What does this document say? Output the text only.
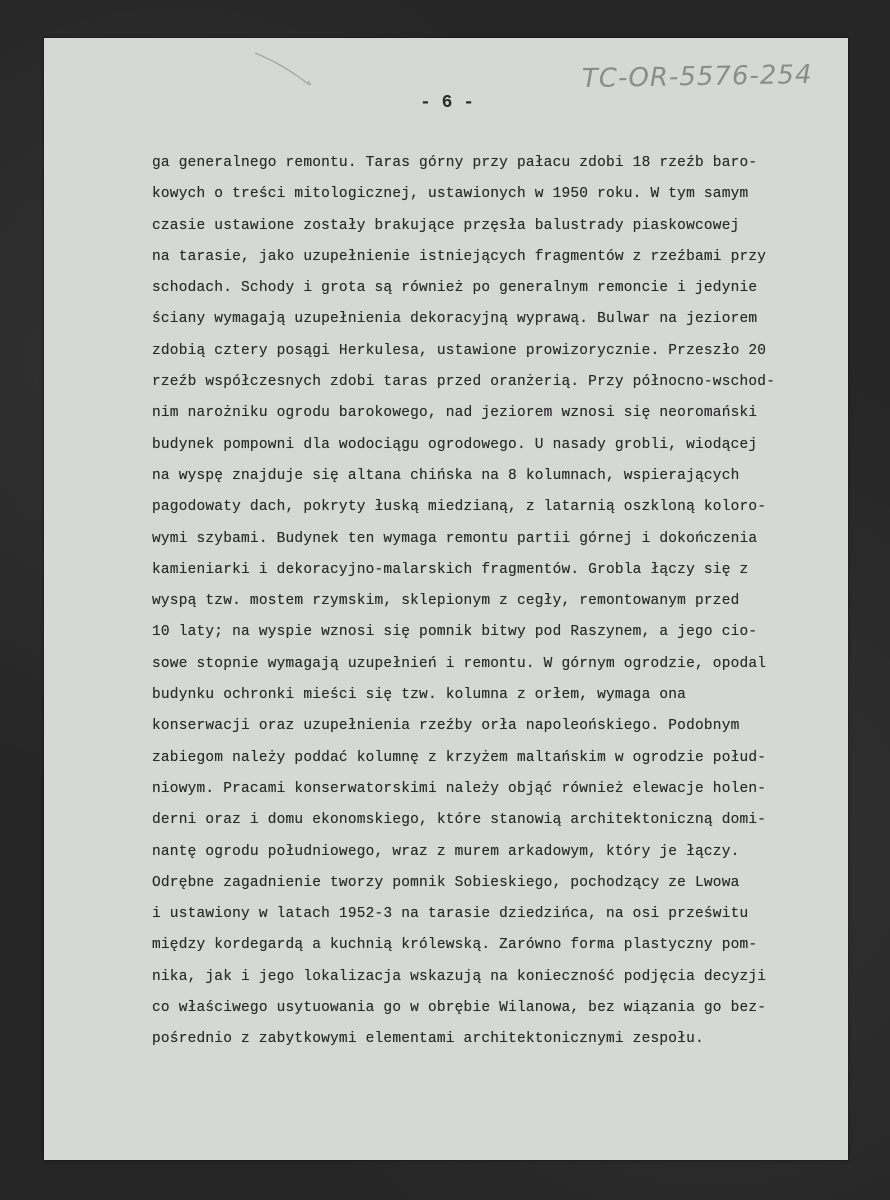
TC-OR-5576-254
- 6 -
ga generalnego remontu. Taras górny przy pałacu zdobi 18 rzeźb baro-
kowych o treści mitologicznej, ustawionych w 1950 roku. W tym samym
czasie ustawione zostały brakujące przęsła balustrady piaskowcowej
na tarasie, jako uzupełnienie istniejących fragmentów z rzeźbami przy
schodach. Schody i grota są również po generalnym remoncie i jedynie
ściany wymagają uzupełnienia dekoracyjną wyprawą. Bulwar na jeziorem
zdobią cztery posągi Herkulesa, ustawione prowizorycznie. Przeszło 20
rzeźb współczesnych zdobi taras przed oranżerią. Przy północno-wschod-
nim narożniku ogrodu barokowego, nad jeziorem wznosi się neoromański
budynek pompowni dla wodociągu ogrodowego. U nasady grobli, wiodącej
na wyspę znajduje się altana chińska na 8 kolumnach, wspierających
pagodowaty dach, pokryty łuską miedzianą, z latarnią oszkloną koloro-
wymi szybami. Budynek ten wymaga remontu partii górnej i dokończenia
kamieniarki i dekoracyjno-malarskich fragmentów. Grobla łączy się z
wyspą tzw. mostem rzymskim, sklepionym z cegły, remontowanym przed
10 laty; na wyspie wznosi się pomnik bitwy pod Raszynem, a jego cio-
sowe stopnie wymagają uzupełnień i remontu. W górnym ogrodzie, opodal
budynku ochronki mieści się tzw. kolumna z orłem, wymaga ona
konserwacji oraz uzupełnienia rzeźby orła napoleońskiego. Podobnym
zabiegom należy poddać kolumnę z krzyżem maltańskim w ogrodzie połud-
niowym. Pracami konserwatorskimi należy objąć również elewacje holen-
derni oraz i domu ekonomskiego, które stanowią architektoniczną domi-
nantę ogrodu południowego, wraz z murem arkadowym, który je łączy.
Odrębne zagadnienie tworzy pomnik Sobieskiego, pochodzący ze Lwowa
i ustawiony w latach 1952-3 na tarasie dziedzińca, na osi prześwitu
między kordegardą a kuchnią królewską. Zarówno forma plastyczny pom-
nika, jak i jego lokalizacja wskazują na konieczność podjęcia decyzji
co właściwego usytuowania go w obrębie Wilanowa, bez wiązania go bez-
pośrednio z zabytkowymi elementami architektonicznymi zespołu.
